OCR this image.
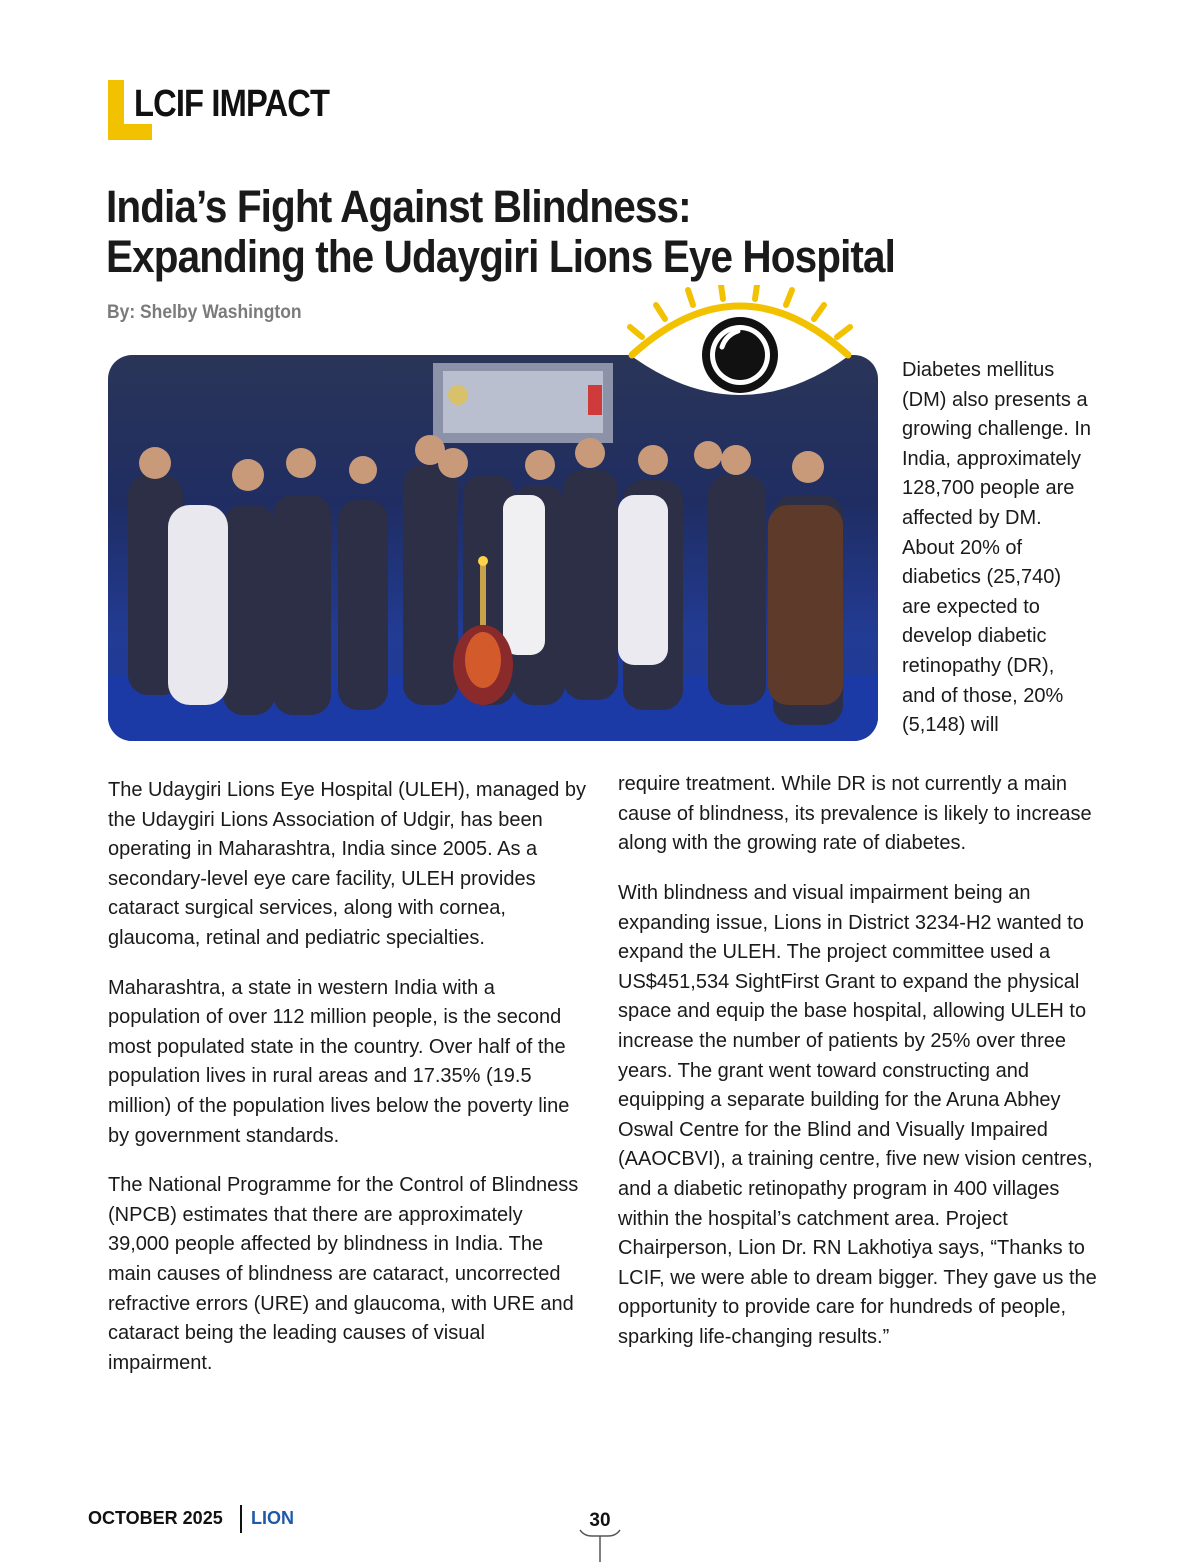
LCIF IMPACT
India’s Fight Against Blindness:
Expanding the Udaygiri Lions Eye Hospital

By: Shelby Washington

Diabetes mellitus (DM) also presents a growing challenge. In India, approximately 128,700 people are affected by DM. About 20% of diabetics (25,740) are expected to develop diabetic retinopathy (DR), and of those, 20% (5,148) will

require treatment. While DR is not currently a main cause of blindness, its prevalence is likely to increase along with the growing rate of diabetes.

The Udaygiri Lions Eye Hospital (ULEH), managed by the Udaygiri Lions Association of Udgir, has been operating in Maharashtra, India since 2005. As a secondary-level eye care facility, ULEH provides cataract surgical services, along with cornea, glaucoma, retinal and pediatric specialties.

Maharashtra, a state in western India with a population of over 112 million people, is the second most populated state in the country. Over half of the population lives in rural areas and 17.35% (19.5 million) of the population lives below the poverty line by government standards.

The National Programme for the Control of Blindness (NPCB) estimates that there are approximately 39,000 people affected by blindness in India. The main causes of blindness are cataract, uncorrected refractive errors (URE) and glaucoma, with URE and cataract being the leading causes of visual impairment.

With blindness and visual impairment being an expanding issue, Lions in District 3234-H2 wanted to expand the ULEH. The project committee used a US$451,534 SightFirst Grant to expand the physical space and equip the base hospital, allowing ULEH to increase the number of patients by 25% over three years. The grant went toward constructing and equipping a separate building for the Aruna Abhey Oswal Centre for the Blind and Visually Impaired (AAOCBVI), a training centre, five new vision centres, and a diabetic retinopathy program in 400 villages within the hospital’s catchment area. Project Chairperson, Lion Dr. RN Lakhotiya says, “Thanks to LCIF, we were able to dream bigger. They gave us the opportunity to provide care for hundreds of people, sparking life-changing results.”

OCTOBER 2025 LION	30
